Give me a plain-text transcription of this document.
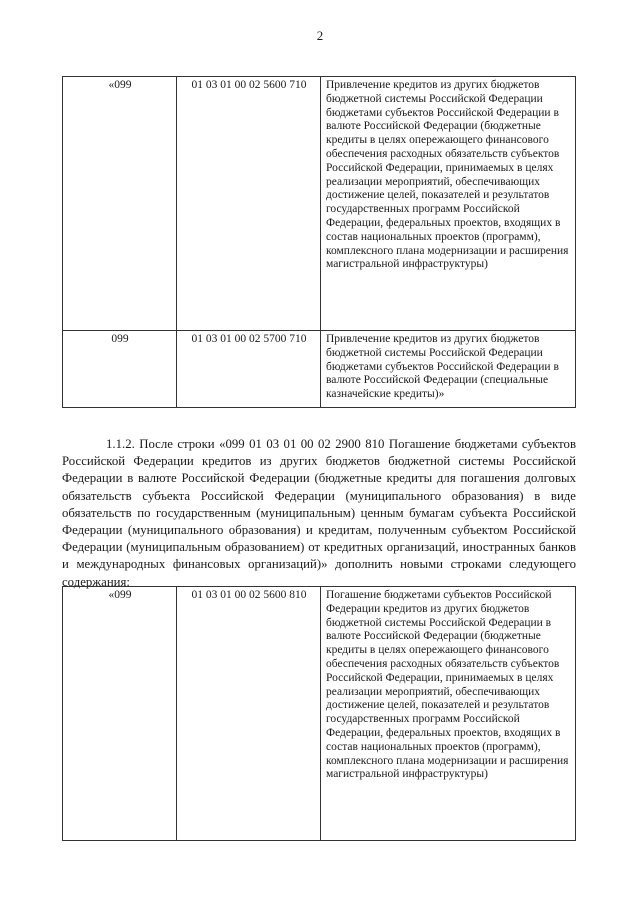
2
«099	01 03 01 00 02 5600 710	Привлечение кредитов из других бюджетов бюджетной системы Российской Федерации бюджетами субъектов Российской Федерации в валюте Российской Федерации (бюджетные кредиты в целях опережающего финансового обеспечения расходных обязательств субъектов Российской Федерации, принимаемых в целях реализации мероприятий, обеспечивающих достижение целей, показателей и результатов государственных программ Российской Федерации, федеральных проектов, входящих в состав национальных проектов (программ), комплексного плана модернизации и расширения магистральной инфраструктуры)
099	01 03 01 00 02 5700 710	Привлечение кредитов из других бюджетов бюджетной системы Российской Федерации бюджетами субъектов Российской Федерации в валюте Российской Федерации (специальные казначейские кредиты)»
1.1.2. После строки «099 01 03 01 00 02 2900 810 Погашение бюджетами субъектов Российской Федерации кредитов из других бюджетов бюджетной системы Российской Федерации в валюте Российской Федерации (бюджетные кредиты для погашения долговых обязательств субъекта Российской Федерации (муниципального образования) в виде обязательств по государственным (муниципальным) ценным бумагам субъекта Российской Федерации (муниципального образования) и кредитам, полученным субъектом Российской Федерации (муниципальным образованием) от кредитных организаций, иностранных банков и международных финансовых организаций)» дополнить новыми строками следующего содержания:
«099	01 03 01 00 02 5600 810	Погашение бюджетами субъектов Российской Федерации кредитов из других бюджетов бюджетной системы Российской Федерации в валюте Российской Федерации (бюджетные кредиты в целях опережающего финансового обеспечения расходных обязательств субъектов Российской Федерации, принимаемых в целях реализации мероприятий, обеспечивающих достижение целей, показателей и результатов государственных программ Российской Федерации, федеральных проектов, входящих в состав национальных проектов (программ), комплексного плана модернизации и расширения магистральной инфраструктуры)
